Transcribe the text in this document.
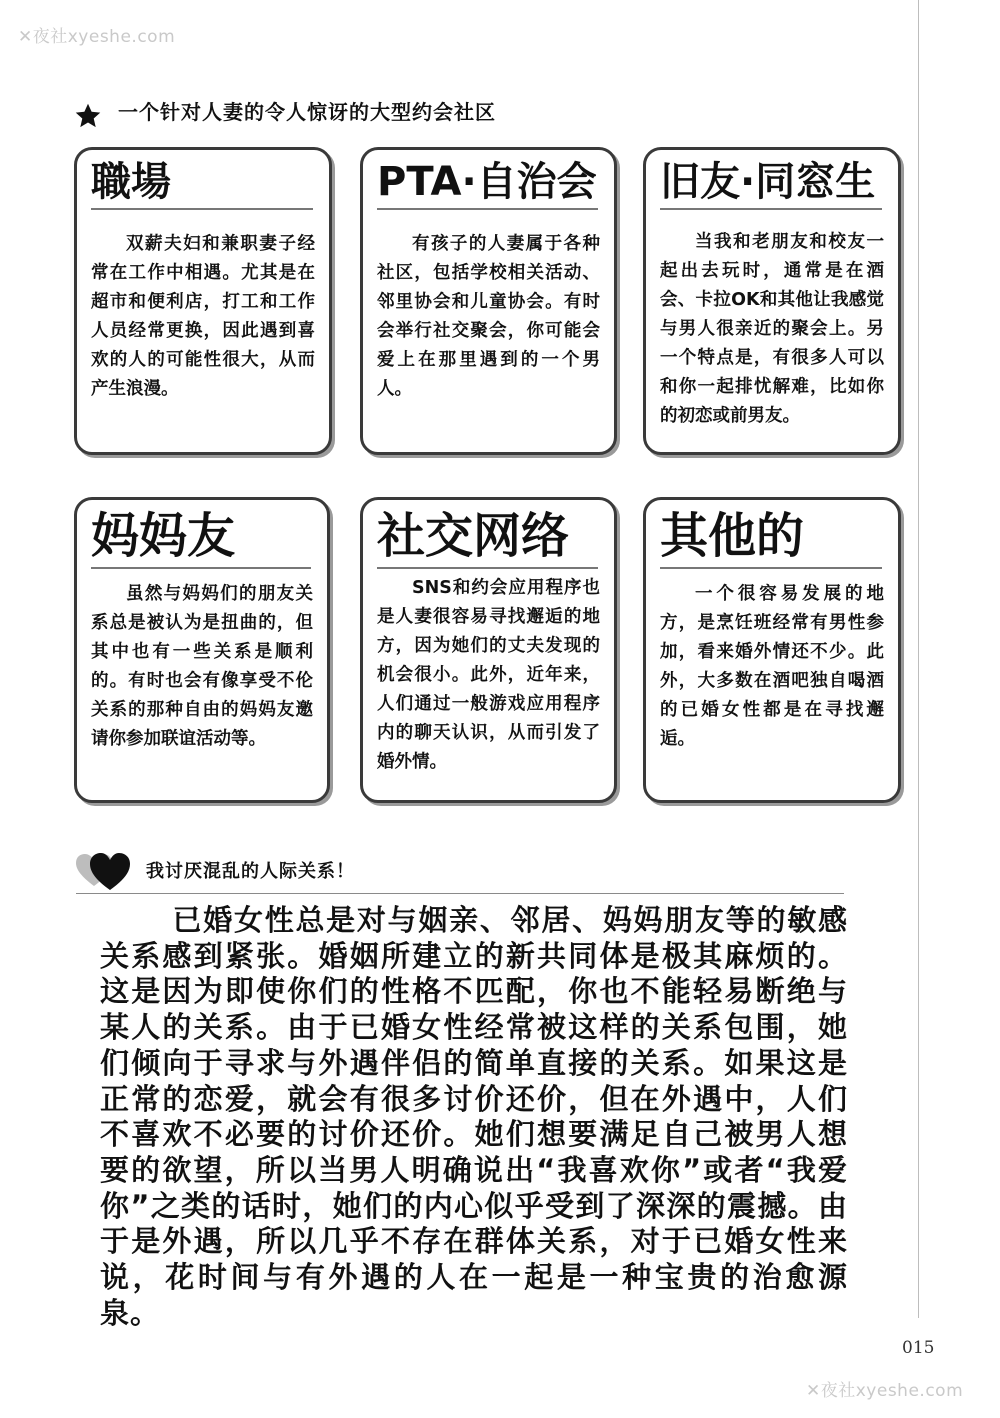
✕夜社xyeshe.com
一个针对人妻的令人惊讶的大型约会社区
職場
双薪夫妇和兼职妻子经常在工作中相遇。尤其是在超市和便利店，打工和工作人员经常更换，因此遇到喜欢的人的可能性很大，从而产生浪漫。
PTA·自治会
有孩子的人妻属于各种社区，包括学校相关活动、邻里协会和儿童协会。有时会举行社交聚会，你可能会爱上在那里遇到的一个男人。
旧友·同窓生
当我和老朋友和校友一起出去玩时，通常是在酒会、卡拉OK和其他让我感觉与男人很亲近的聚会上。另一个特点是，有很多人可以和你一起排忧解难，比如你的初恋或前男友。
妈妈友
虽然与妈妈们的朋友关系总是被认为是扭曲的，但其中也有一些关系是顺利的。有时也会有像享受不伦关系的那种自由的妈妈友邀请你参加联谊活动等。
社交网络
SNS和约会应用程序也是人妻很容易寻找邂逅的地方，因为她们的丈夫发现的机会很小。此外，近年来，人们通过一般游戏应用程序内的聊天认识，从而引发了婚外情。
其他的
一个很容易发展的地方，是烹饪班经常有男性参加，看来婚外情还不少。此外，大多数在酒吧独自喝酒的已婚女性都是在寻找邂逅。
我讨厌混乱的人际关系！
已婚女性总是对与姻亲、邻居、妈妈朋友等的敏感关系感到紧张。婚姻所建立的新共同体是极其麻烦的。这是因为即使你们的性格不匹配，你也不能轻易断绝与某人的关系。由于已婚女性经常被这样的关系包围，她们倾向于寻求与外遇伴侣的简单直接的关系。如果这是正常的恋爱，就会有很多讨价还价，但在外遇中，人们不喜欢不必要的讨价还价。她们想要满足自己被男人想要的欲望，所以当男人明确说出“我喜欢你”或者“我爱你”之类的话时，她们的内心似乎受到了深深的震撼。由于是外遇，所以几乎不存在群体关系，对于已婚女性来说，花时间与有外遇的人在一起是一种宝贵的治愈源泉。
015
✕夜社xyeshe.com
